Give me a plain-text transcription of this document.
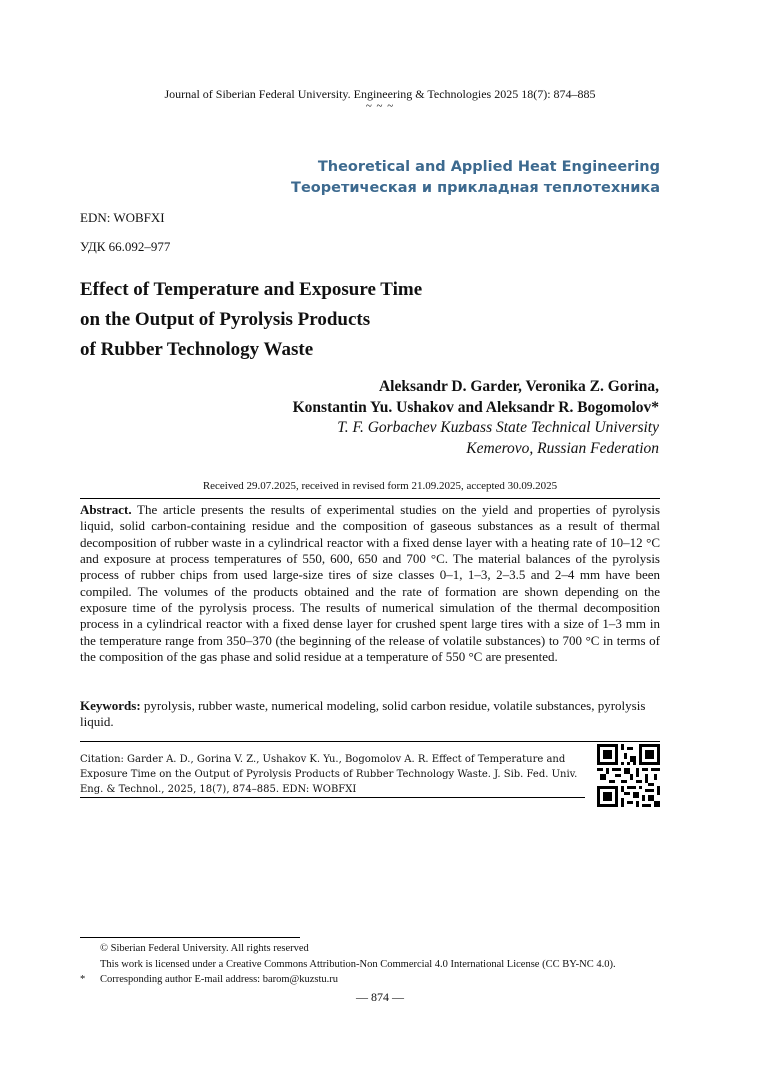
Journal of Siberian Federal University. Engineering & Technologies 2025 18(7): 874–885
~ ~ ~
Theoretical and Applied Heat Engineering
Теоретическая и прикладная теплотехника
EDN: WOBFXI
УДК 66.092–977
Effect of Temperature and Exposure Time
on the Output of Pyrolysis Products
of Rubber Technology Waste
Aleksandr D. Garder, Veronika Z. Gorina,
Konstantin Yu. Ushakov and Aleksandr R. Bogomolov*
T. F. Gorbachev Kuzbass State Technical University
Kemerovo, Russian Federation
Received 29.07.2025, received in revised form 21.09.2025, accepted 30.09.2025
Abstract. The article presents the results of experimental studies on the yield and properties of pyrolysis liquid, solid carbon-containing residue and the composition of gaseous substances as a result of thermal decomposition of rubber waste in a cylindrical reactor with a fixed dense layer with a heating rate of 10–12 °C and exposure at process temperatures of 550, 600, 650 and 700 °C. The material balances of the pyrolysis process of rubber chips from used large-size tires of size classes 0–1, 1–3, 2–3.5 and 2–4 mm have been compiled. The volumes of the products obtained and the rate of formation are shown depending on the exposure time of the pyrolysis process. The results of numerical simulation of the thermal decomposition process in a cylindrical reactor with a fixed dense layer for crushed spent large tires with a size of 1–3 mm in the temperature range from 350–370 (the beginning of the release of volatile substances) to 700 °C in terms of the composition of the gas phase and solid residue at a temperature of 550 °C are presented.
Keywords: pyrolysis, rubber waste, numerical modeling, solid carbon residue, volatile substances, pyrolysis liquid.
Citation: Garder A. D., Gorina V. Z., Ushakov K. Yu., Bogomolov A. R. Effect of Temperature and Exposure Time on the Output of Pyrolysis Products of Rubber Technology Waste. J. Sib. Fed. Univ. Eng. & Technol., 2025, 18(7), 874–885. EDN: WOBFXI
© Siberian Federal University. All rights reserved
This work is licensed under a Creative Commons Attribution-Non Commercial 4.0 International License (CC BY-NC 4.0).
* Corresponding author E-mail address: barom@kuzstu.ru
— 874 —
